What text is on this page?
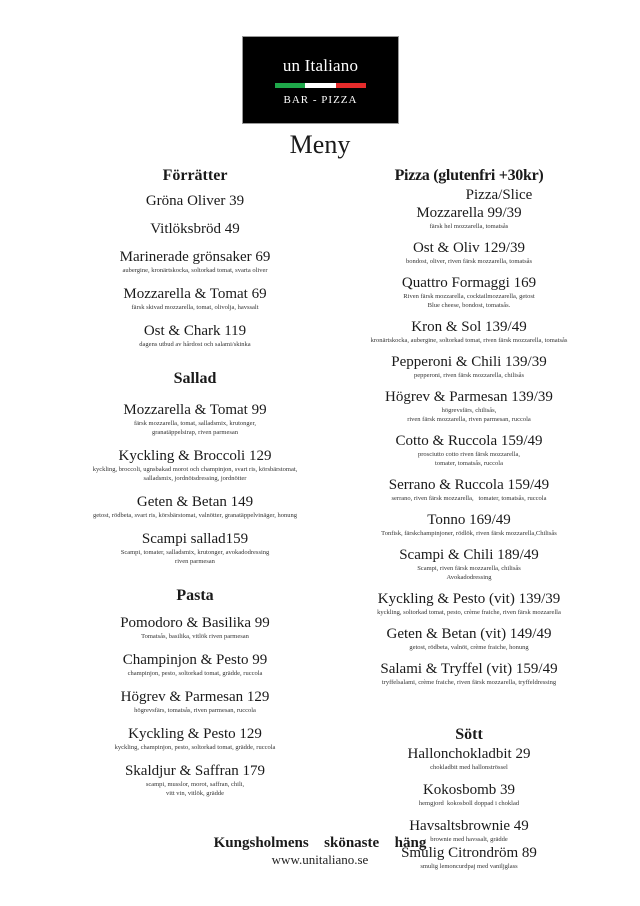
un Italiano
BAR - PIZZA
Meny
Förrätter
Gröna Oliver 39
Vitlöksbröd 49
Marinerade grönsaker 69
aubergine, kronärtskocka, soltorkad tomat, svarta oliver
Mozzarella & Tomat 69
färsk skivad mozzarella, tomat, olivolja, havssalt
Ost & Chark 119
dagens utbud av hårdost och salami/skinka
Sallad
Mozzarella & Tomat 99
färsk mozzarella, tomat, salladsmix, krutonger,
granatäppelsirap, riven parmesan
Kyckling & Broccoli 129
kyckling, broccoli, ugnsbakad morot och champinjon, svart ris, körsbärstomat,
salladsmix, jordnötsdressing, jordnötter
Geten & Betan 149
getost, rödbeta, svart ris, körsbärstomat, valnötter, granatäppelvinäger, honung
Scampi sallad159
Scampi, tomater, salladsmix, krutonger, avokadodressing
riven parmesan
Pasta
Pomodoro & Basilika 99
Tomatsås, basilika, vitlök riven parmesan
Champinjon & Pesto 99
champinjon, pesto, soltorkad tomat, grädde, ruccola
Högrev & Parmesan 129
högrevsfärs, tomatsås, riven parmesan, ruccola
Kyckling & Pesto 129
kyckling, champinjon, pesto, soltorkad tomat, grädde, ruccola
Skaldjur & Saffran 179
scampi, musslor, morot, saffran, chili,
vitt vin, vitlök, grädde
Pizza (glutenfri +30kr)
Pizza/Slice
Mozzarella 99/39
färsk hel mozzarella, tomatsås
Ost & Oliv 129/39
bondost, oliver, riven färsk mozzarella, tomatsås
Quattro Formaggi 169
Riven färsk mozzarella, cocktailmozzarella, getost
Blue cheese, bondost, tomatsås.
Kron & Sol 139/49
kronärtskocka, aubergine, soltorkad tomat, riven färsk mozzarella, tomatsås
Pepperoni & Chili 139/39
pepperoni, riven färsk mozzarella, chilisås
Högrev & Parmesan 139/39
högrevsfärs, chilisås,
riven färsk mozzarella, riven parmesan, ruccola
Cotto & Ruccola 159/49
prosciutto cotto riven färsk mozzarella,
tomater, tomatsås, ruccola
Serrano & Ruccola 159/49
serrano, riven färsk mozzarella,   tomater, tomatsås, ruccola
Tonno 169/49
Tonfisk, färskchampinjoner, rödlök, riven färsk mozzarella,Chilisås
Scampi & Chili 189/49
Scampi, riven färsk mozzarella, chilisås
Avokadodressing
Kyckling & Pesto (vit) 139/39
kyckling, soltorkad tomat, pesto, crème fraiche, riven färsk mozzarella
Geten & Betan (vit) 149/49
getost, rödbeta, valnöt, crème fraiche, honung
Salami & Tryffel (vit) 159/49
tryffelsalami, crème fraiche, riven färsk mozzarella, tryffeldressing
Sött
Hallonchokladbit 29
chokladbit med hallonströssel
Kokosbomb 39
hemgjord  kokosboll doppad i choklad
Havsaltsbrownie 49
brownie med havssalt, grädde
Smulig Citrondröm 89
smulig lemoncurdpaj med vaniljglass
Kungsholmens  skönaste  häng
www.unitaliano.se
